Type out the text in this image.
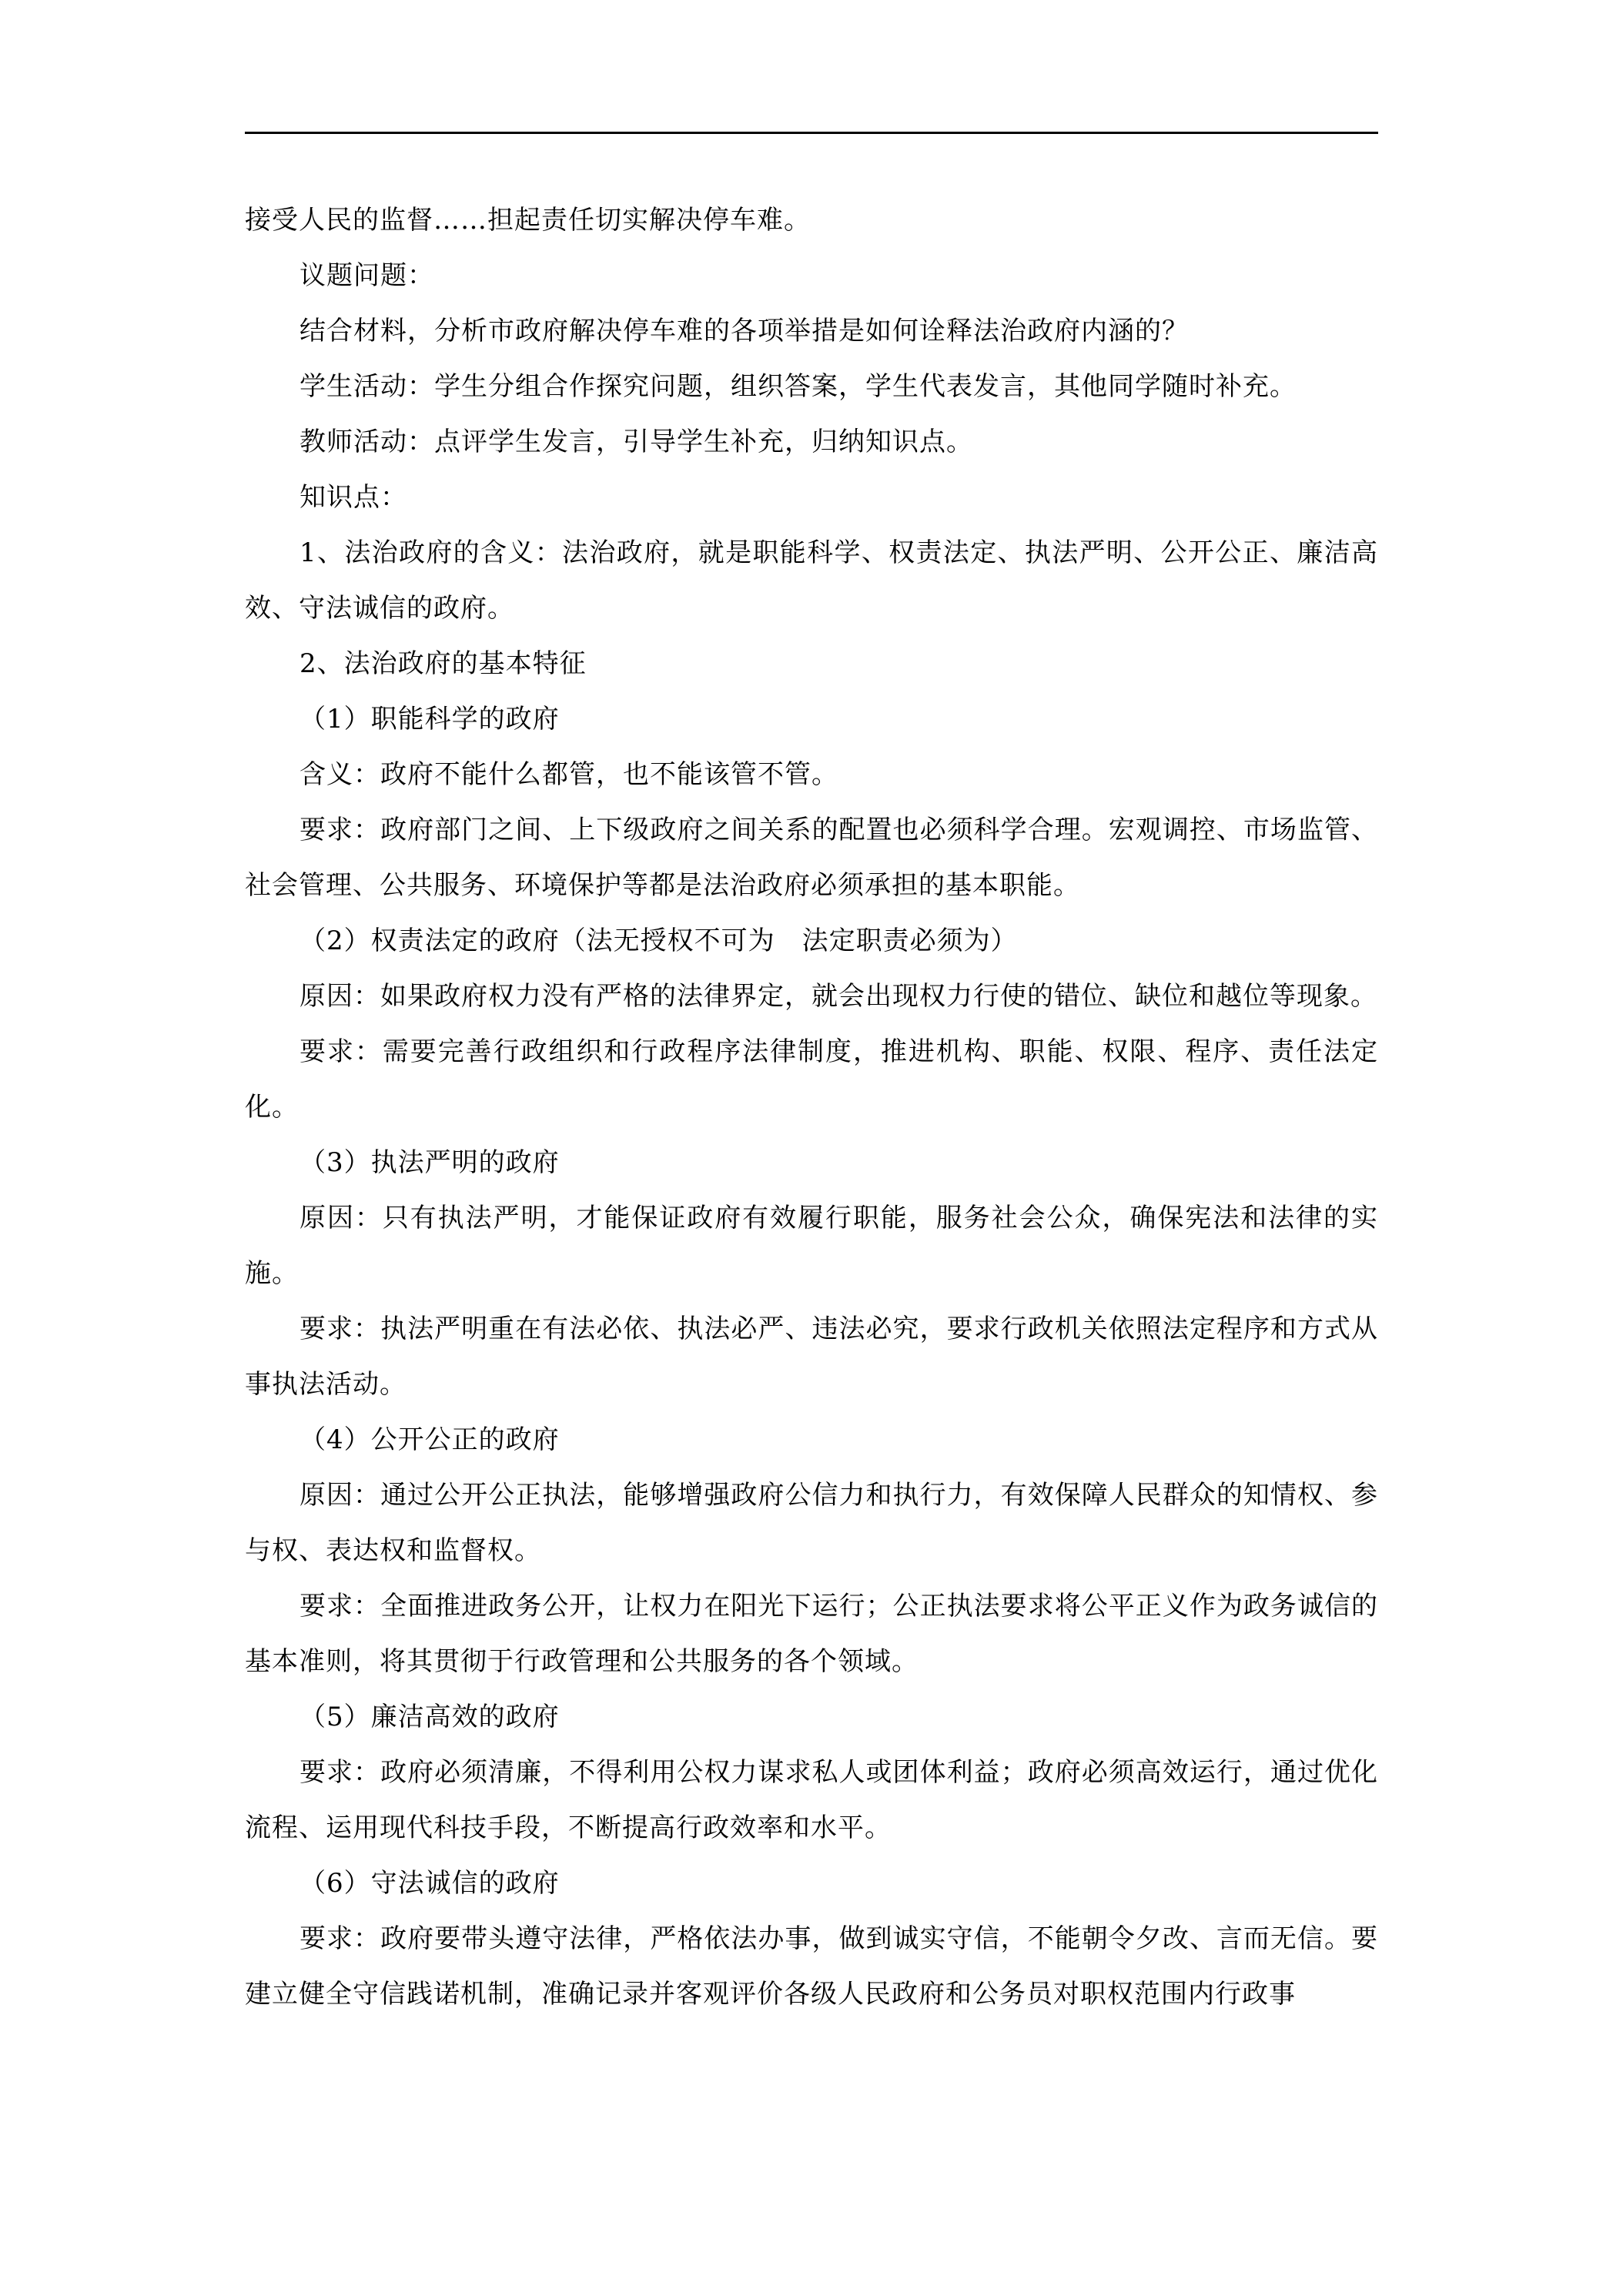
接受人民的监督……担起责任切实解决停车难。

议题问题：

结合材料，分析市政府解决停车难的各项举措是如何诠释法治政府内涵的？

学生活动：学生分组合作探究问题，组织答案，学生代表发言，其他同学随时补充。

教师活动：点评学生发言，引导学生补充，归纳知识点。

知识点：

1、法治政府的含义：法治政府，就是职能科学、权责法定、执法严明、公开公正、廉洁高效、守法诚信的政府。

2、法治政府的基本特征

（1）职能科学的政府

含义：政府不能什么都管，也不能该管不管。

要求：政府部门之间、上下级政府之间关系的配置也必须科学合理。宏观调控、市场监管、社会管理、公共服务、环境保护等都是法治政府必须承担的基本职能。

（2）权责法定的政府（法无授权不可为　法定职责必须为）

原因：如果政府权力没有严格的法律界定，就会出现权力行使的错位、缺位和越位等现象。

要求：需要完善行政组织和行政程序法律制度，推进机构、职能、权限、程序、责任法定化。

（3）执法严明的政府

原因：只有执法严明，才能保证政府有效履行职能，服务社会公众，确保宪法和法律的实施。

要求：执法严明重在有法必依、执法必严、违法必究，要求行政机关依照法定程序和方式从事执法活动。

（4）公开公正的政府

原因：通过公开公正执法，能够增强政府公信力和执行力，有效保障人民群众的知情权、参与权、表达权和监督权。

要求：全面推进政务公开，让权力在阳光下运行；公正执法要求将公平正义作为政务诚信的基本准则，将其贯彻于行政管理和公共服务的各个领域。

（5）廉洁高效的政府

要求：政府必须清廉，不得利用公权力谋求私人或团体利益；政府必须高效运行，通过优化流程、运用现代科技手段，不断提高行政效率和水平。

（6）守法诚信的政府

要求：政府要带头遵守法律，严格依法办事，做到诚实守信，不能朝令夕改、言而无信。要建立健全守信践诺机制，准确记录并客观评价各级人民政府和公务员对职权范围内行政事
